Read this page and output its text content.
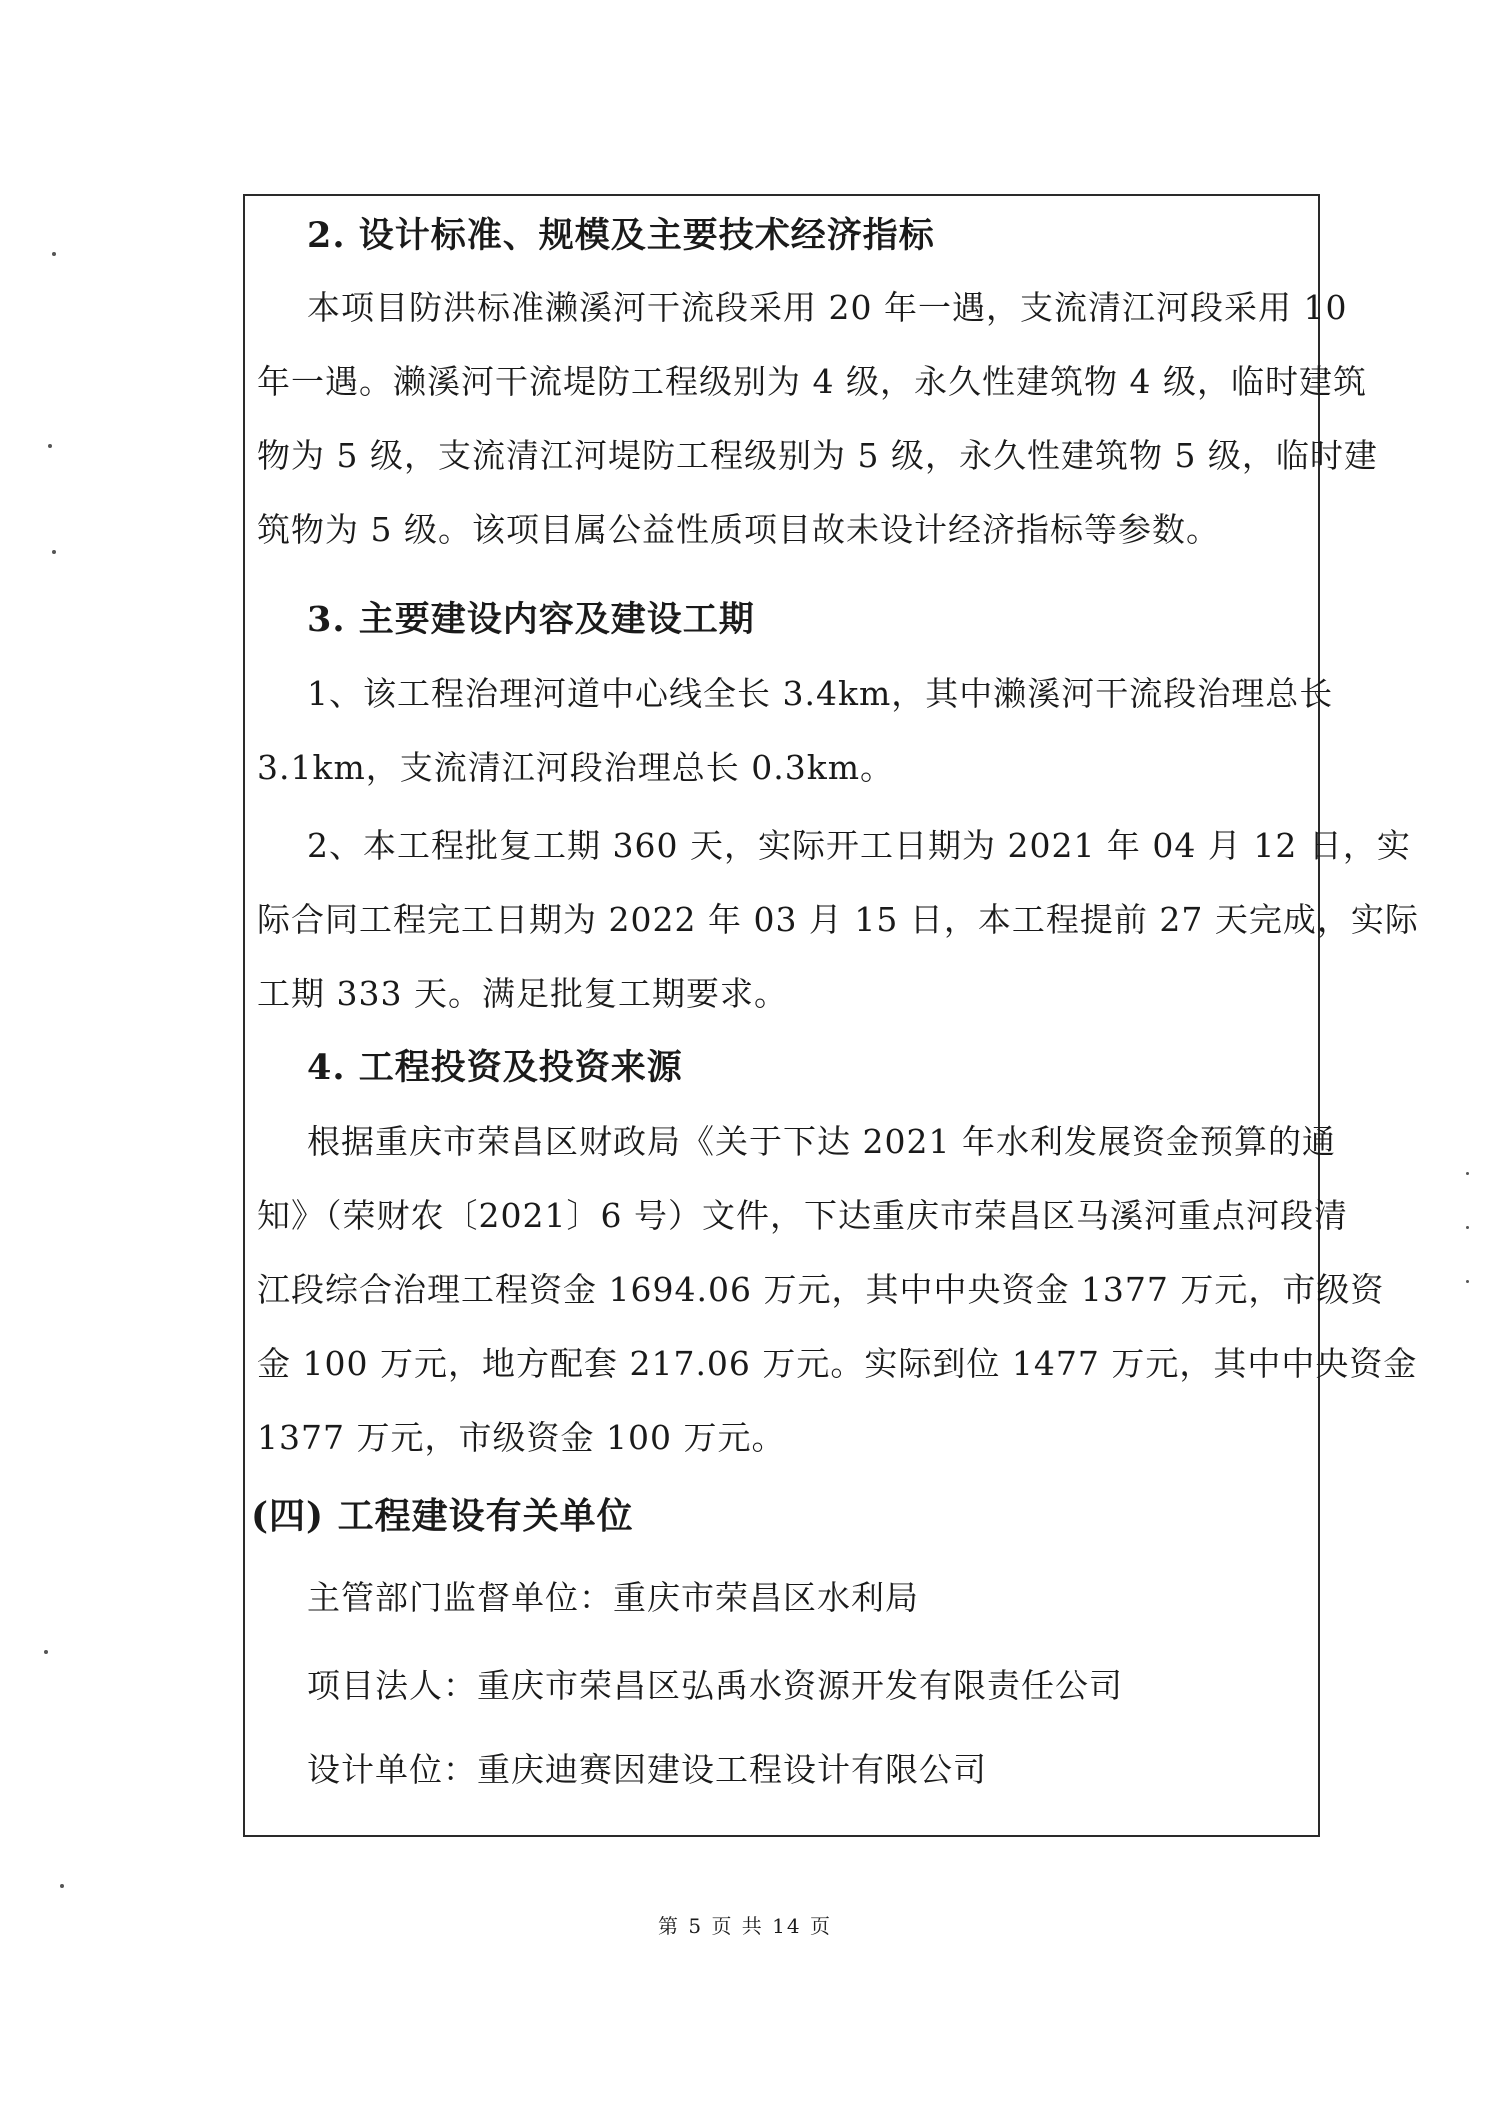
2. 设计标准、规模及主要技术经济指标
本项目防洪标准濑溪河干流段采用 20 年一遇，支流清江河段采用 10
年一遇。濑溪河干流堤防工程级别为 4 级，永久性建筑物 4 级，临时建筑
物为 5 级，支流清江河堤防工程级别为 5 级，永久性建筑物 5 级，临时建
筑物为 5 级。该项目属公益性质项目故未设计经济指标等参数。
3. 主要建设内容及建设工期
1、该工程治理河道中心线全长 3.4km，其中濑溪河干流段治理总长
3.1km，支流清江河段治理总长 0.3km。
2、本工程批复工期 360 天，实际开工日期为 2021 年 04 月 12 日，实
际合同工程完工日期为 2022 年 03 月 15 日，本工程提前 27 天完成，实际
工期 333 天。满足批复工期要求。
4. 工程投资及投资来源
根据重庆市荣昌区财政局《关于下达 2021 年水利发展资金预算的通
知》（荣财农〔2021〕6 号）文件，下达重庆市荣昌区马溪河重点河段清
江段综合治理工程资金 1694.06 万元，其中中央资金 1377 万元，市级资
金 100 万元，地方配套 217.06 万元。实际到位 1477 万元，其中中央资金
1377 万元，市级资金 100 万元。
(四) 工程建设有关单位
主管部门监督单位：重庆市荣昌区水利局
项目法人：重庆市荣昌区弘禹水资源开发有限责任公司
设计单位：重庆迪赛因建设工程设计有限公司
第 5 页 共 14 页
